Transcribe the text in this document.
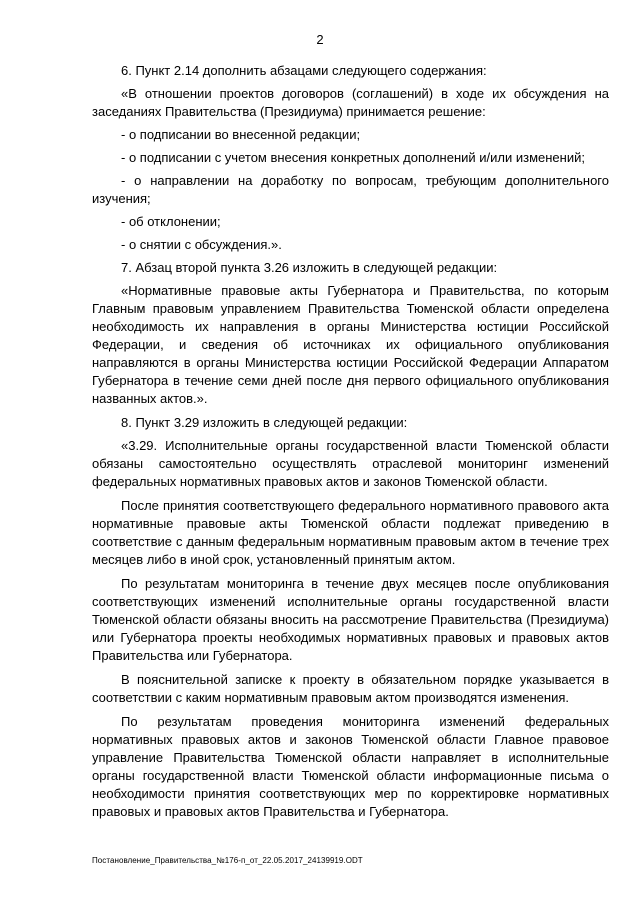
2

6. Пункт 2.14 дополнить абзацами следующего содержания:

«В отношении проектов договоров (соглашений) в ходе их обсуждения на заседаниях Правительства (Президиума) принимается решение:

- о подписании во внесенной редакции;

- о подписании с учетом внесения конкретных дополнений и/или изменений;

- о направлении на доработку по вопросам, требующим дополнительного изучения;

- об отклонении;

- о снятии с обсуждения.».

7. Абзац второй пункта 3.26 изложить в следующей редакции:

«Нормативные правовые акты Губернатора и Правительства, по которым Главным правовым управлением Правительства Тюменской области определена необходимость их направления в органы Министерства юстиции Российской Федерации, и сведения об источниках их официального опубликования направляются в органы Министерства юстиции Российской Федерации Аппаратом Губернатора в течение семи дней после дня первого официального опубликования названных актов.».

8. Пункт 3.29 изложить в следующей редакции:

«3.29. Исполнительные органы государственной власти Тюменской области обязаны самостоятельно осуществлять отраслевой мониторинг изменений федеральных нормативных правовых актов и законов Тюменской области.

После принятия соответствующего федерального нормативного правового акта нормативные правовые акты Тюменской области подлежат приведению в соответствие с данным федеральным нормативным правовым актом в течение трех месяцев либо в иной срок, установленный принятым актом.

По результатам мониторинга в течение двух месяцев после опубликования соответствующих изменений исполнительные органы государственной власти Тюменской области обязаны вносить на рассмотрение Правительства (Президиума) или Губернатора проекты необходимых нормативных правовых и правовых актов Правительства или Губернатора.

В пояснительной записке к проекту в обязательном порядке указывается в соответствии с каким нормативным правовым актом производятся изменения.

По результатам проведения мониторинга изменений федеральных нормативных правовых актов и законов Тюменской области Главное правовое управление Правительства Тюменской области направляет в исполнительные органы государственной власти Тюменской области информационные письма о необходимости принятия соответствующих мер по корректировке нормативных правовых и правовых актов Правительства и Губернатора.

Постановление_Правительства_№176-п_от_22.05.2017_24139919.ODT
